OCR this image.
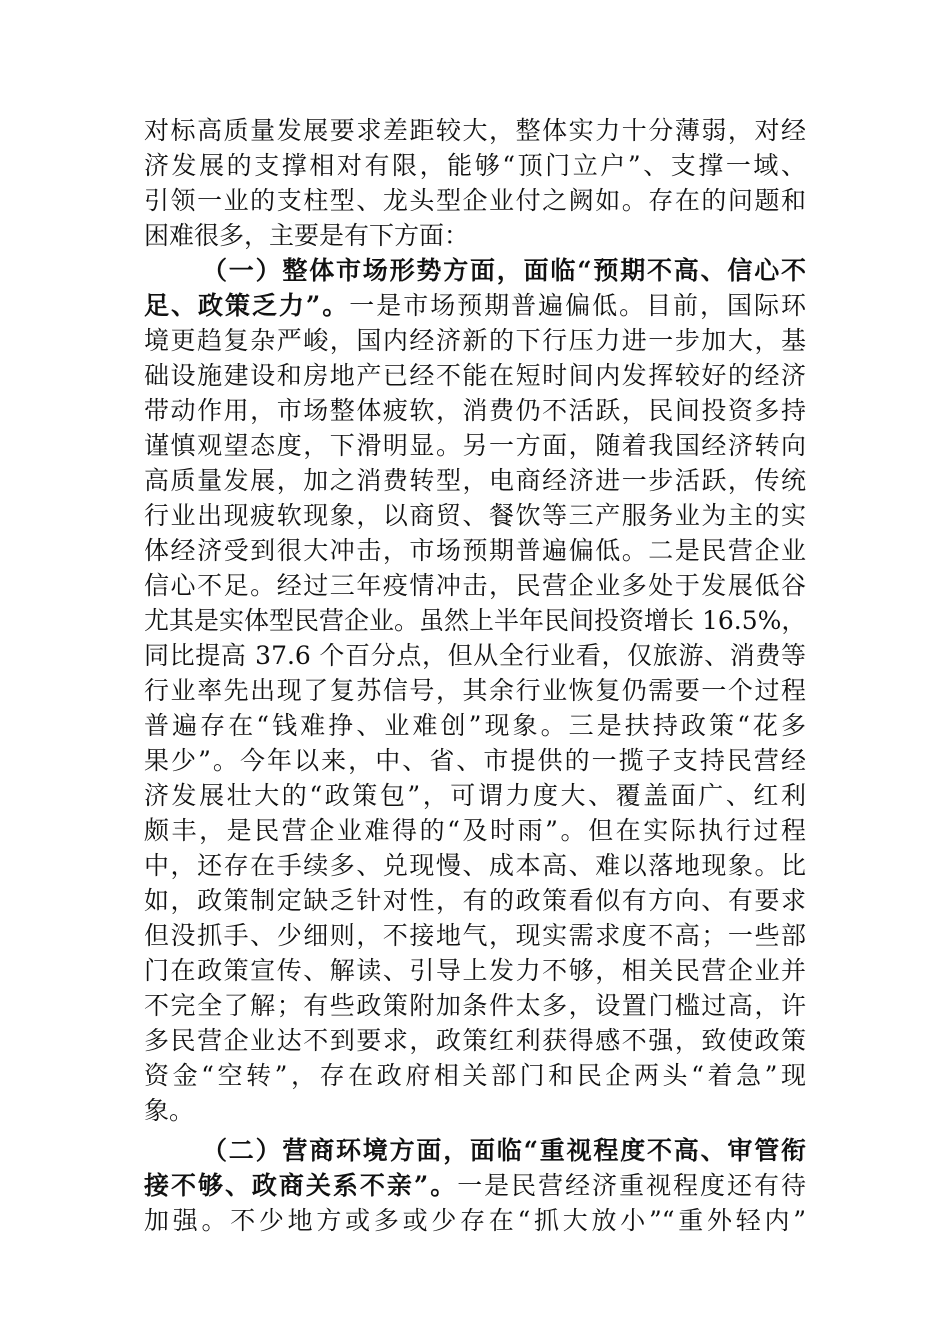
对标高质量发展要求差距较大，整体实力十分薄弱，对经
济发展的支撑相对有限，能够“顶门立户”、支撑一域、
引领一业的支柱型、龙头型企业付之阙如。存在的问题和
困难很多，主要是有下方面：
（一）整体市场形势方面，面临“预期不高、信心不
足、政策乏力”。一是市场预期普遍偏低。目前，国际环
境更趋复杂严峻，国内经济新的下行压力进一步加大，基
础设施建设和房地产已经不能在短时间内发挥较好的经济
带动作用，市场整体疲软，消费仍不活跃，民间投资多持
谨慎观望态度，下滑明显。另一方面，随着我国经济转向
高质量发展，加之消费转型，电商经济进一步活跃，传统
行业出现疲软现象，以商贸、餐饮等三产服务业为主的实
体经济受到很大冲击，市场预期普遍偏低。二是民营企业
信心不足。经过三年疫情冲击，民营企业多处于发展低谷
尤其是实体型民营企业。虽然上半年民间投资增长 16.5%，
同比提高 37.6 个百分点，但从全行业看，仅旅游、消费等
行业率先出现了复苏信号，其余行业恢复仍需要一个过程
普遍存在“钱难挣、业难创”现象。三是扶持政策“花多
果少”。今年以来，中、省、市提供的一揽子支持民营经
济发展壮大的“政策包”，可谓力度大、覆盖面广、红利
颇丰，是民营企业难得的“及时雨”。但在实际执行过程
中，还存在手续多、兑现慢、成本高、难以落地现象。比
如，政策制定缺乏针对性，有的政策看似有方向、有要求
但没抓手、少细则，不接地气，现实需求度不高；一些部
门在政策宣传、解读、引导上发力不够，相关民营企业并
不完全了解；有些政策附加条件太多，设置门槛过高，许
多民营企业达不到要求，政策红利获得感不强，致使政策
资金“空转”，存在政府相关部门和民企两头“着急”现
象。
（二）营商环境方面，面临“重视程度不高、审管衔
接不够、政商关系不亲”。一是民营经济重视程度还有待
加强。不少地方或多或少存在“抓大放小”“重外轻内”
